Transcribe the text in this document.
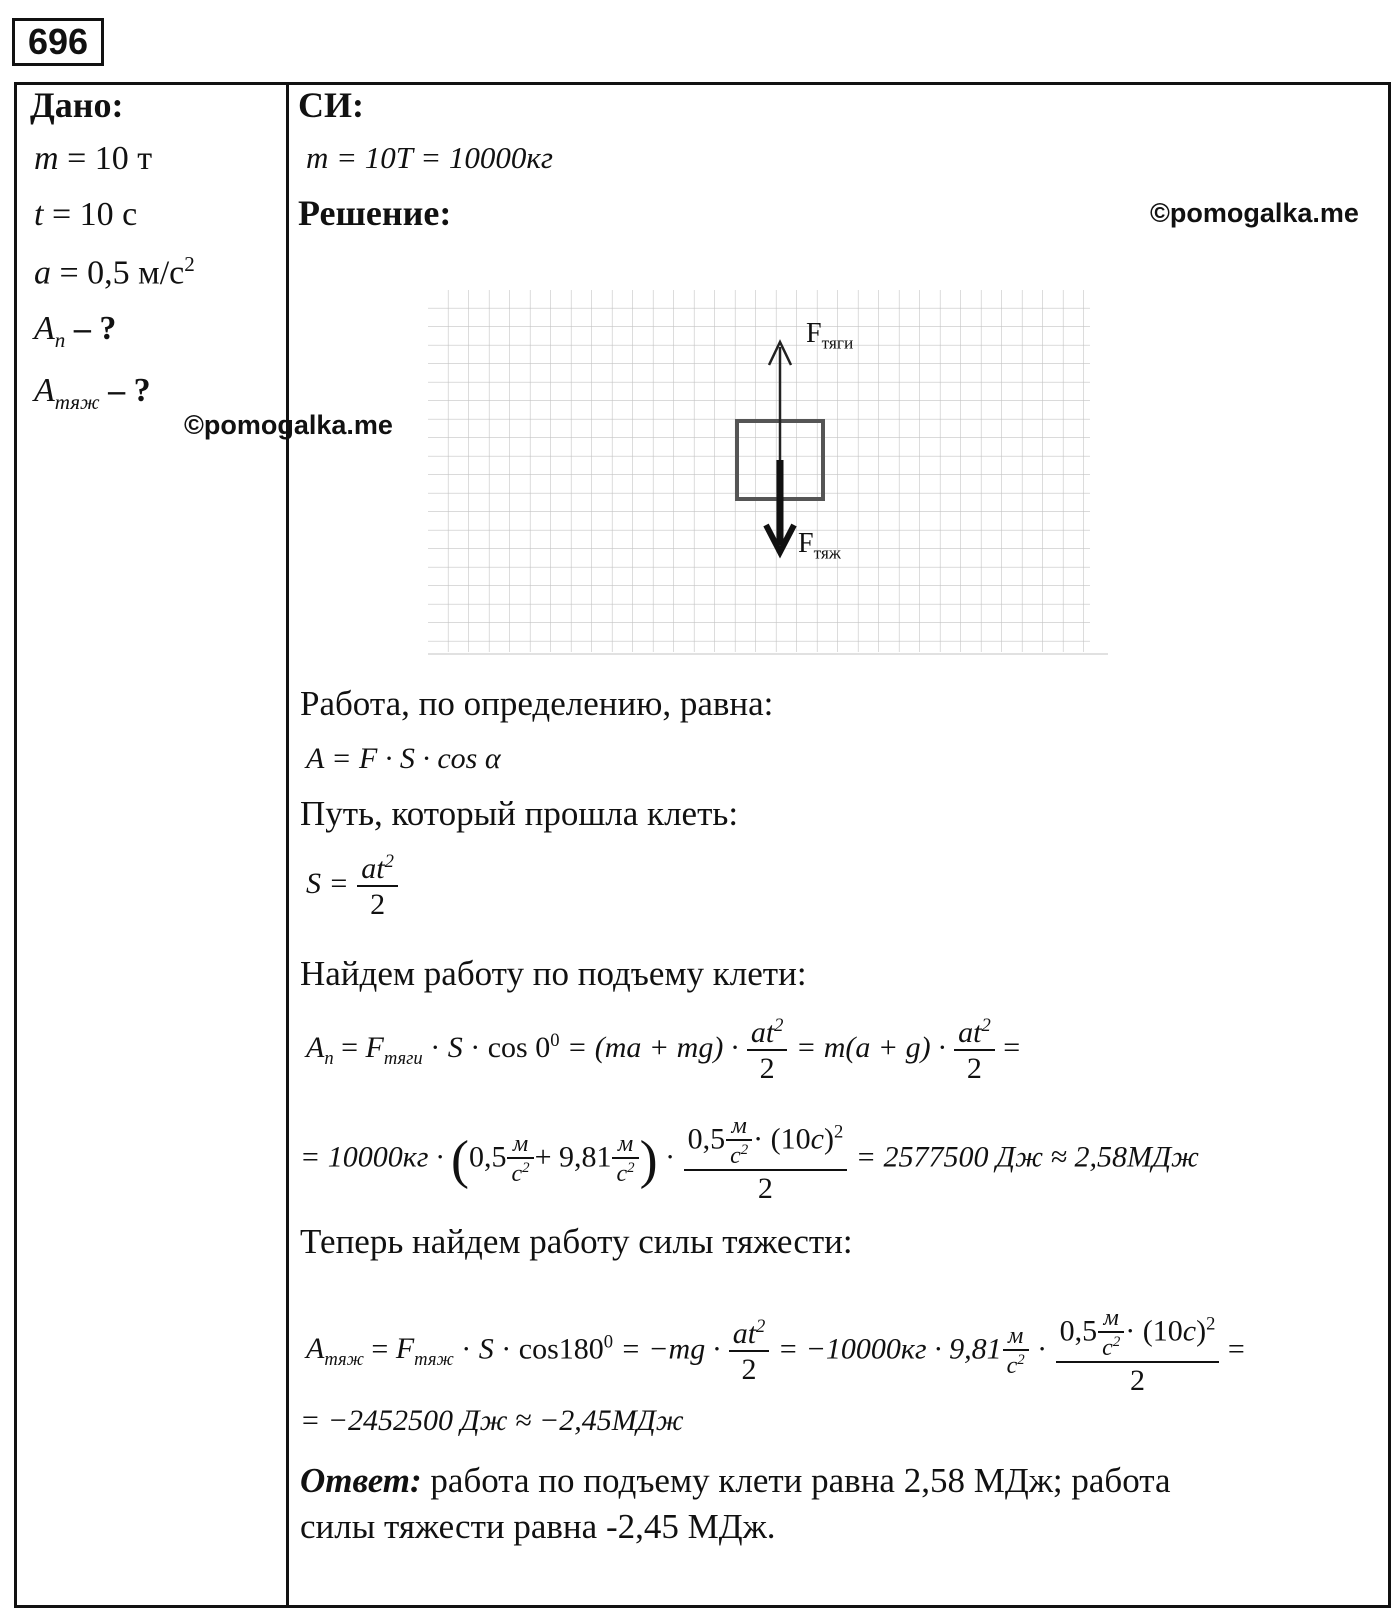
696
Дано:
m = 10 т
t = 10 с
a = 0,5 $м/с^2$
$A_п$ – ?
$A_{тяж}$ – ?
©pomogalka.me
СИ:
m = 10T = 10000кг
Решение:	©pomogalka.me
$F_{тяги}$
$F_{тяж}$
Работа, по определению, равна:
A = F · S · cos α
Путь, который прошла клеть:
$S = \frac{at^2}{2}$
Найдем работу по подъему клети:
$A_п = F_{тяги} \cdot S \cdot \cos 0^0 = (ma + mg) \cdot \frac{at^2}{2} = m(a + g) \cdot \frac{at^2}{2}$ =
= 10000кг · (0,5 м
$с^2 + 9,81$ м
$с^2$ ) ·
0,5 м
$с^2 \cdot (10с)^2$
2
= 2577500 Дж ≈ 2,58МДж
Теперь найдем работу силы тяжести:
$A_{тяж} = F_{тяж} \cdot S \cdot \cos 180^0 = -mg \cdot \frac{at^2}{2} = -10000кг \cdot 9,81$ м
$с^2$ ·
0,5 м
$с^2 \cdot (10с)^2$
2
=
= −2452500 Дж ≈ −2,45МДж
Ответ: работа по подъему клети равна 2,58 МДж; работа
силы тяжести равна -2,45 МДж.
